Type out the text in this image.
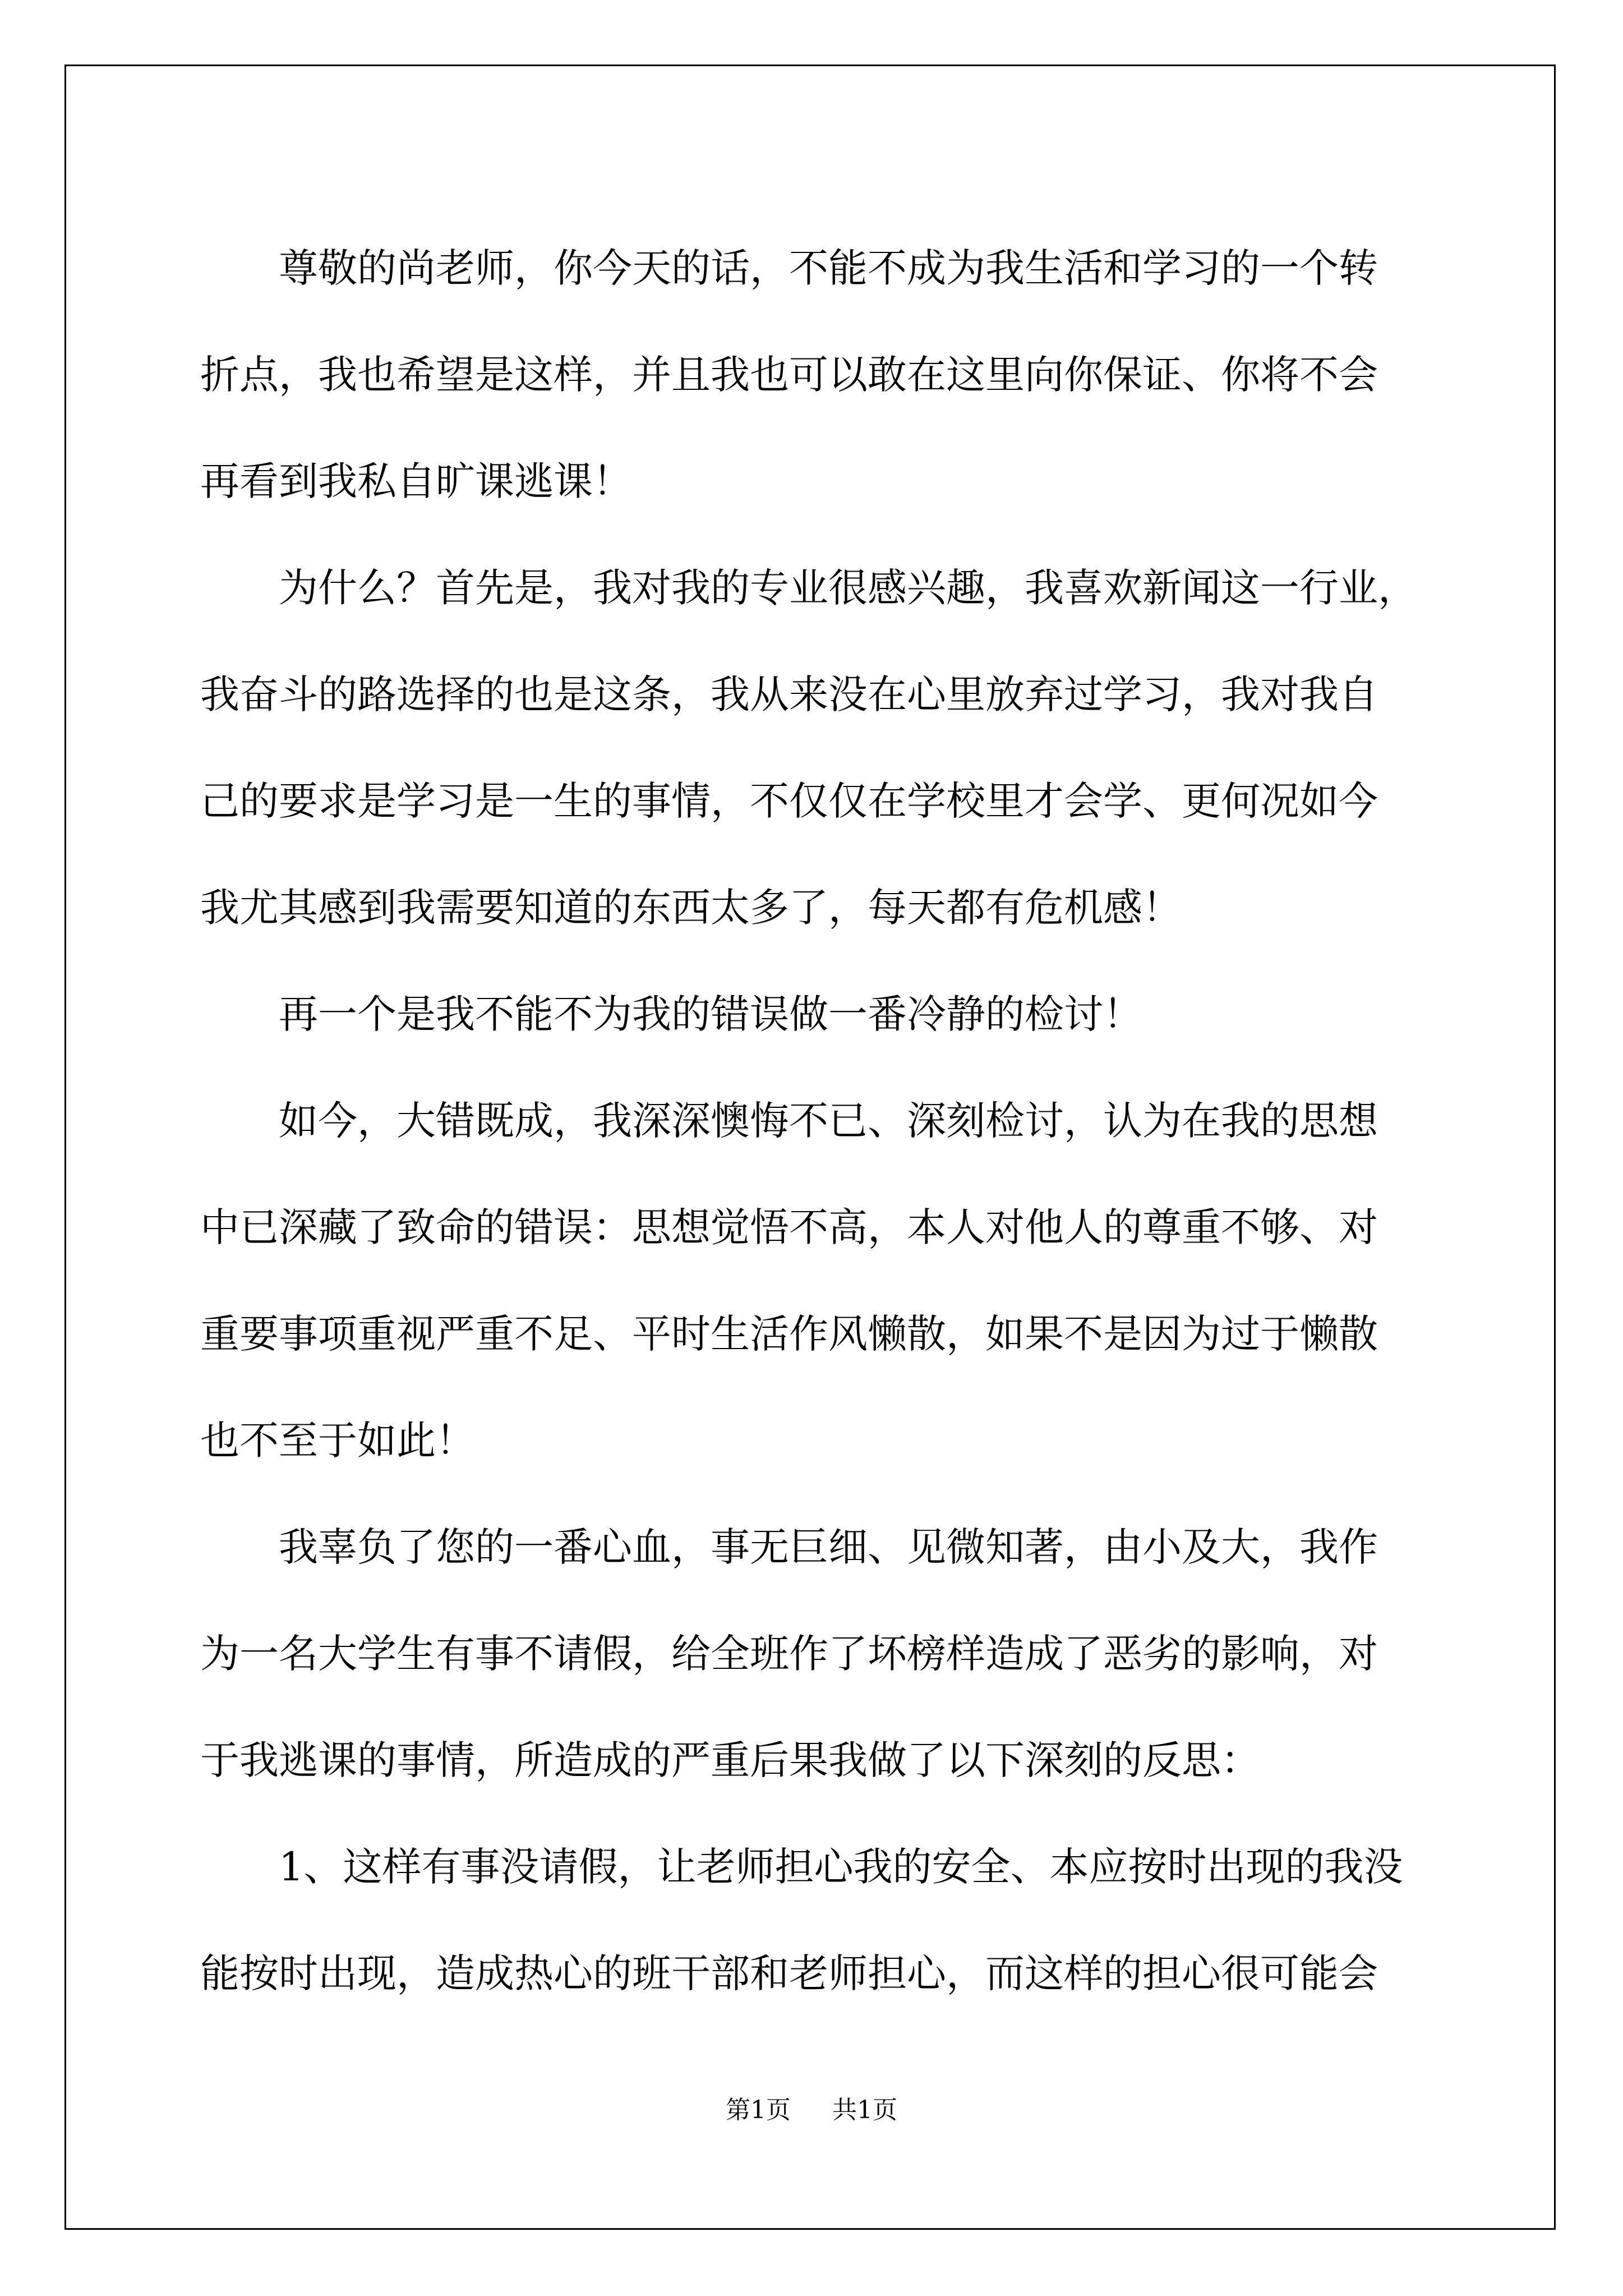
尊敬的尚老师，你今天的话，不能不成为我生活和学习的一个转
折点，我也希望是这样，并且我也可以敢在这里向你保证、你将不会
再看到我私自旷课逃课！
为什么？首先是，我对我的专业很感兴趣，我喜欢新闻这一行业，
我奋斗的路选择的也是这条，我从来没在心里放弃过学习，我对我自
己的要求是学习是一生的事情，不仅仅在学校里才会学、更何况如今
我尤其感到我需要知道的东西太多了，每天都有危机感！
再一个是我不能不为我的错误做一番冷静的检讨！
如今，大错既成，我深深懊悔不已、深刻检讨，认为在我的思想
中已深藏了致命的错误：思想觉悟不高，本人对他人的尊重不够、对
重要事项重视严重不足、平时生活作风懒散，如果不是因为过于懒散
也不至于如此！
我辜负了您的一番心血，事无巨细、见微知著，由小及大，我作
为一名大学生有事不请假，给全班作了坏榜样造成了恶劣的影响，对
于我逃课的事情，所造成的严重后果我做了以下深刻的反思：
1、这样有事没请假，让老师担心我的安全、本应按时出现的我没
能按时出现，造成热心的班干部和老师担心，而这样的担心很可能会
第1页 共1页
